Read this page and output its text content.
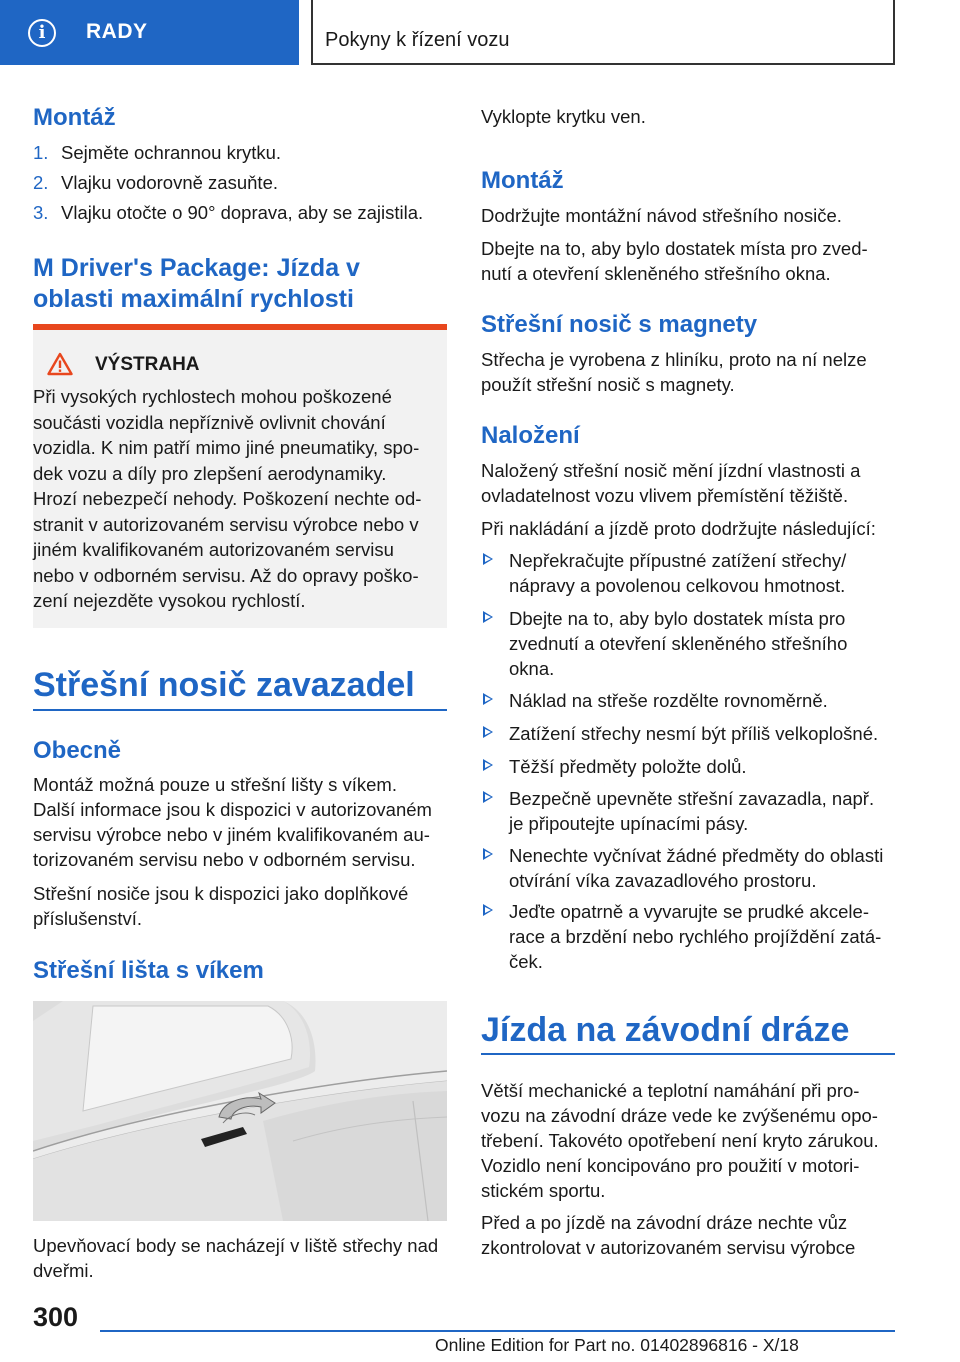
i	RADY	Pokyny k řízení vozu
Montáž
1. Sejměte ochrannou krytku.
2. Vlajku vodorovně zasuňte.
3. Vlajku otočte o 90° doprava, aby se zajistila.
M Driver's Package: Jízda v
oblasti maximální rychlosti
VÝSTRAHA
Při vysokých rychlostech mohou poškozené
součásti vozidla nepříznivě ovlivnit chování
vozidla. K nim patří mimo jiné pneumatiky, spo‐
dek vozu a díly pro zlepšení aerodynamiky.
Hrozí nebezpečí nehody. Poškození nechte od‐
stranit v autorizovaném servisu výrobce nebo v
jiném kvalifikovaném autorizovaném servisu
nebo v odborném servisu. Až do opravy poško‐
zení nejezděte vysokou rychlostí.
Střešní nosič zavazadel
Obecně
Montáž možná pouze u střešní lišty s víkem.
Další informace jsou k dispozici v autorizovaném
servisu výrobce nebo v jiném kvalifikovaném au‐
torizovaném servisu nebo v odborném servisu.
Střešní nosiče jsou k dispozici jako doplňkové
příslušenství.
Střešní lišta s víkem
Upevňovací body se nacházejí v liště střechy nad
dveřmi.
Vyklopte krytku ven.
Montáž
Dodržujte montážní návod střešního nosiče.
Dbejte na to, aby bylo dostatek místa pro zved‐
nutí a otevření skleněného střešního okna.
Střešní nosič s magnety
Střecha je vyrobena z hliníku, proto na ní nelze
použít střešní nosič s magnety.
Naložení
Naložený střešní nosič mění jízdní vlastnosti a
ovladatelnost vozu vlivem přemístění těžiště.
Při nakládání a jízdě proto dodržujte následující:
Nepřekračujte přípustné zatížení střechy/
nápravy a povolenou celkovou hmotnost.
Dbejte na to, aby bylo dostatek místa pro
zvednutí a otevření skleněného střešního
okna.
Náklad na střeše rozdělte rovnoměrně.
Zatížení střechy nesmí být příliš velkoplošné.
Těžší předměty položte dolů.
Bezpečně upevněte střešní zavazadla, např.
je připoutejte upínacími pásy.
Nenechte vyčnívat žádné předměty do oblasti
otvírání víka zavazadlového prostoru.
Jeďte opatrně a vyvarujte se prudké akcele‐
race a brzdění nebo rychlého projíždění zatá‐
ček.
Jízda na závodní dráze
Větší mechanické a teplotní namáhání při pro‐
vozu na závodní dráze vede ke zvýšenému opo‐
třebení. Takovéto opotřebení není kryto zárukou.
Vozidlo není koncipováno pro použití v motori‐
stickém sportu.
Před a po jízdě na závodní dráze nechte vůz
zkontrolovat v autorizovaném servisu výrobce
300
Online Edition for Part no. 01402896816 - X/18
